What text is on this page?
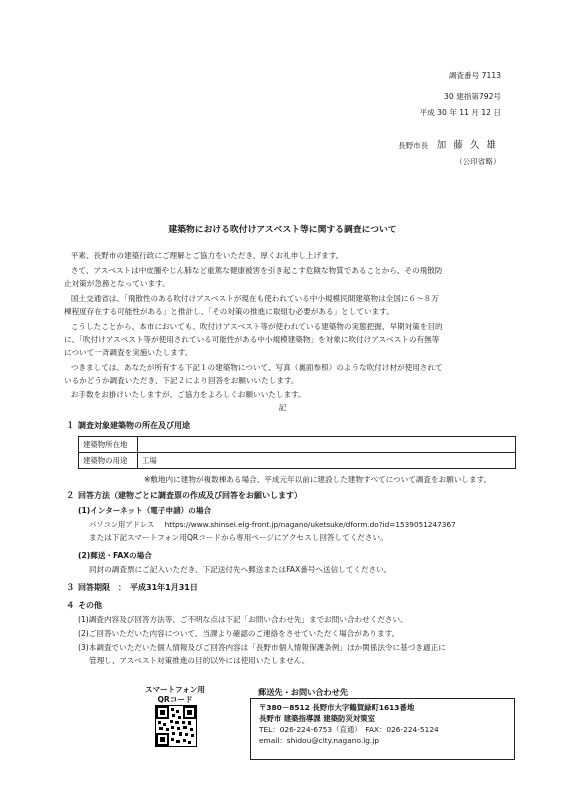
調査番号 7113
30 建指第792号
平成 30 年 11 月 12 日
長野市長 加 藤 久 雄
（公印省略）
建築物における吹付けアスベスト等に関する調査について
平素、長野市の建築行政にご理解とご協力をいただき、厚くお礼申し上げます。
さて、アスベストは中皮腫やじん肺など重篤な健康被害を引き起こす危険な物質であることから、その飛散防
止対策が急務となっています。
国土交通省は、「飛散性のある吹付けアスベストが現在も使われている中小規模民間建築物は全国に６～８万
棟程度存在する可能性がある」と推計し、「その対策の推進に取組む必要がある」としています。
こうしたことから、本市においても、吹付けアスベスト等が使われている建築物の実態把握、早期対策を目的
に、「吹付けアスベスト等が使用されている可能性がある中小規模建築物」を対象に吹付けアスベストの有無等
について一斉調査を実施いたします。
つきましては、あなたが所有する下記１の建築物について、写真（裏面参照）のような吹付け材が使用されて
いるかどうか調査いただき、下記２により回答をお願いいたします。
お手数をお掛けいたしますが、ご協力をよろしくお願いいたします。
記
１ 調査対象建築物の所在及び用途
建築物所在地	
建築物の用途	工場
※敷地内に建物が複数棟ある場合、平成元年以前に建設した建物すべてについて調査をお願いします。
２ 回答方法（建物ごとに調査票の作成及び回答をお願いします）
(1)インターネット（電子申請）の場合
パソコン用アドレス https://www.shinsei.elg-front.jp/nagano/uketsuke/dform.do?id=1539051247367
または下記スマートフォン用QRコードから専用ページにアクセスし回答してください。
(2)郵送・FAXの場合
同封の調査票にご記入いただき、下記送付先へ郵送またはFAX番号へ送信してください。
３ 回答期限　：　平成31年1月31日
４ その他
(1)調査内容及び回答方法等、ご不明な点は下記「お問い合わせ先」までお問い合わせください。
(2)ご回答いただいた内容について、当課より確認のご連絡をさせていただく場合があります。
(3)本調査でいただいた個人情報及びご回答内容は「長野市個人情報保護条例」ほか関係法令に基づき適正に
管理し、アスベスト対策推進の目的以外には使用いたしません。
スマートフォン用
QRコード
郵送先・お問い合わせ先
〒380－8512 長野市大字鶴賀緑町1613番地
長野市 建築指導課 建築防災対策室
TEL：026-224-6753（直通）　FAX：026-224-5124
email：shidou@city.nagano.lg.jp
